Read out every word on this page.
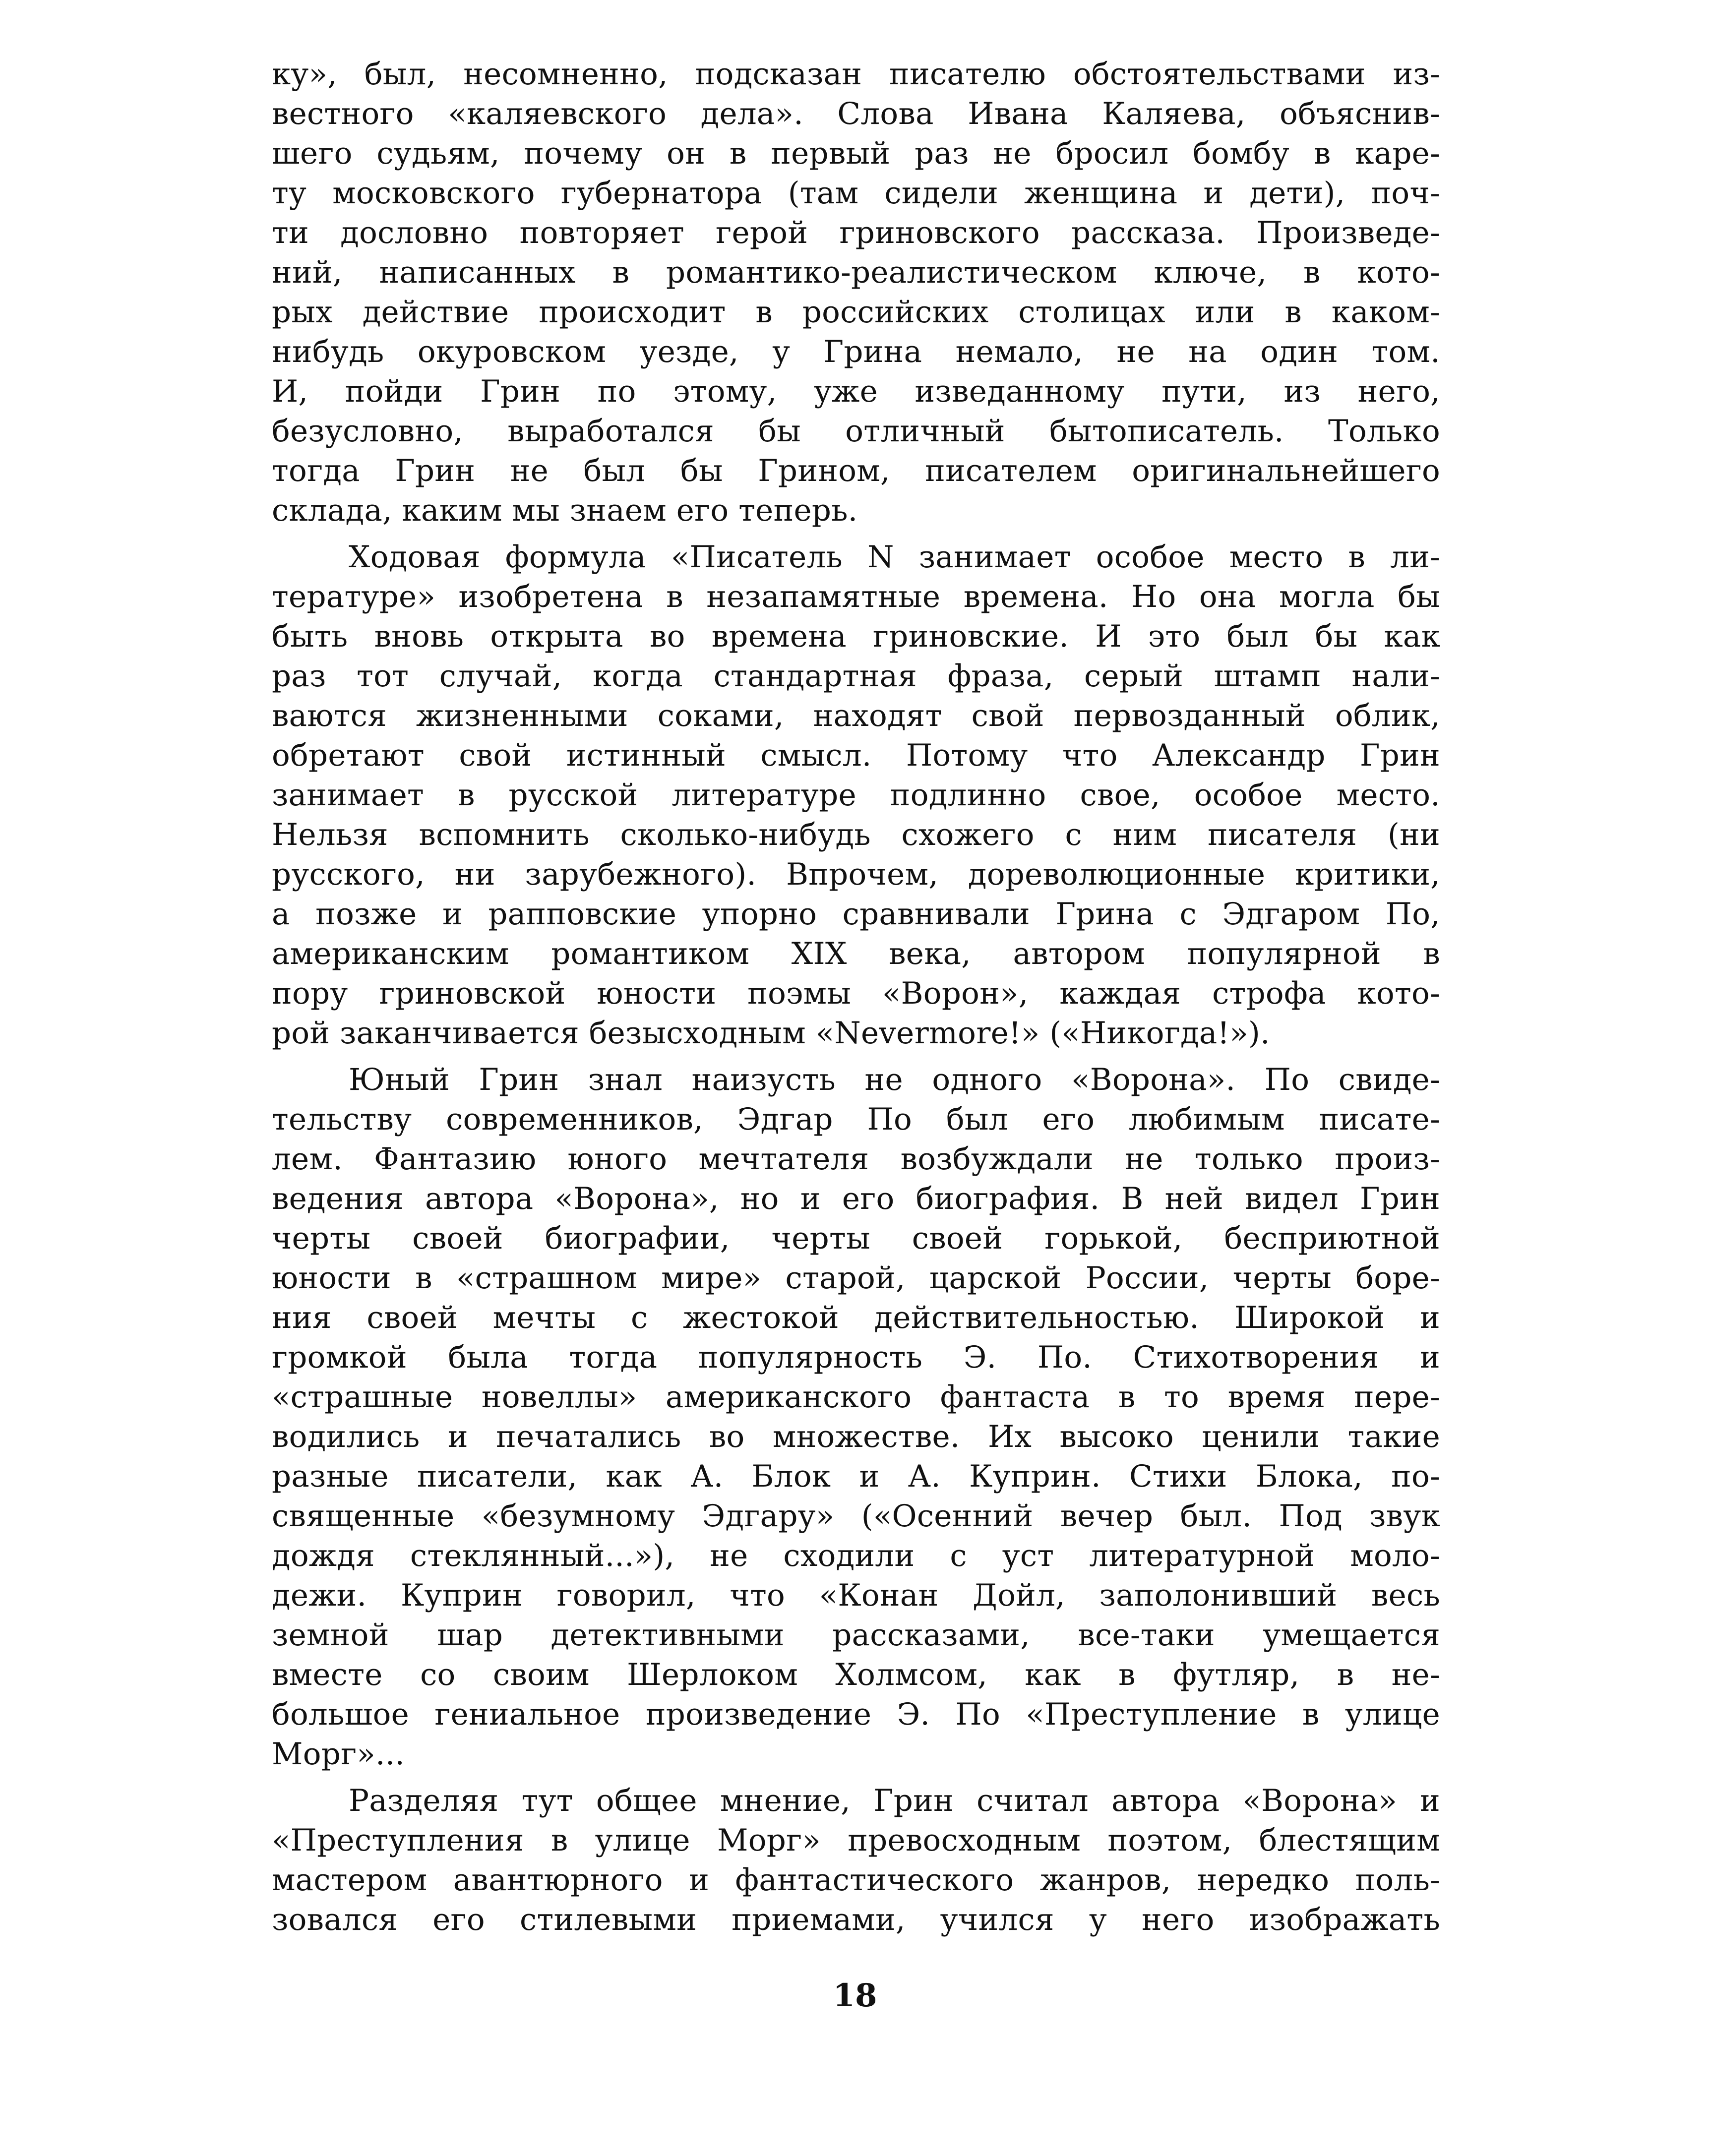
ку», был, несомненно, подсказан писателю обстоятельствами из-
вестного «каляевского дела». Слова Ивана Каляева, объяснив-
шего судьям, почему он в первый раз не бросил бомбу в каре-
ту московского губернатора (там сидели женщина и дети), поч-
ти дословно повторяет герой гриновского рассказа. Произведе-
ний, написанных в романтико-реалистическом ключе, в кото-
рых действие происходит в российских столицах или в каком-
нибудь окуровском уезде, у Грина немало, не на один том.
И, пойди Грин по этому, уже изведанному пути, из него,
безусловно, выработался бы отличный бытописатель. Только
тогда Грин не был бы Грином, писателем оригинальнейшего
склада, каким мы знаем его теперь.
Ходовая формула «Писатель N занимает особое место в ли-
тературе» изобретена в незапамятные времена. Но она могла бы
быть вновь открыта во времена гриновские. И это был бы как
раз тот случай, когда стандартная фраза, серый штамп нали-
ваются жизненными соками, находят свой первозданный облик,
обретают свой истинный смысл. Потому что Александр Грин
занимает в русской литературе подлинно свое, особое место.
Нельзя вспомнить сколько-нибудь схожего с ним писателя (ни
русского, ни зарубежного). Впрочем, дореволюционные критики,
а позже и рапповские упорно сравнивали Грина с Эдгаром По,
американским романтиком XIX века, автором популярной в
пору гриновской юности поэмы «Ворон», каждая строфа кото-
рой заканчивается безысходным «Nevermore!» («Никогда!»).
Юный Грин знал наизусть не одного «Ворона». По свиде-
тельству современников, Эдгар По был его любимым писате-
лем. Фантазию юного мечтателя возбуждали не только произ-
ведения автора «Ворона», но и его биография. В ней видел Грин
черты своей биографии, черты своей горькой, бесприютной
юности в «страшном мире» старой, царской России, черты боре-
ния своей мечты с жестокой действительностью. Широкой и
громкой была тогда популярность Э. По. Стихотворения и
«страшные новеллы» американского фантаста в то время пере-
водились и печатались во множестве. Их высоко ценили такие
разные писатели, как А. Блок и А. Куприн. Стихи Блока, по-
священные «безумному Эдгару» («Осенний вечер был. Под звук
дождя стеклянный...»), не сходили с уст литературной моло-
дежи. Куприн говорил, что «Конан Дойл, заполонивший весь
земной шар детективными рассказами, все-таки умещается
вместе со своим Шерлоком Холмсом, как в футляр, в не-
большое гениальное произведение Э. По «Преступление в улице
Морг»...
Разделяя тут общее мнение, Грин считал автора «Ворона» и
«Преступления в улице Морг» превосходным поэтом, блестящим
мастером авантюрного и фантастического жанров, нередко поль-
зовался его стилевыми приемами, учился у него изображать
18
